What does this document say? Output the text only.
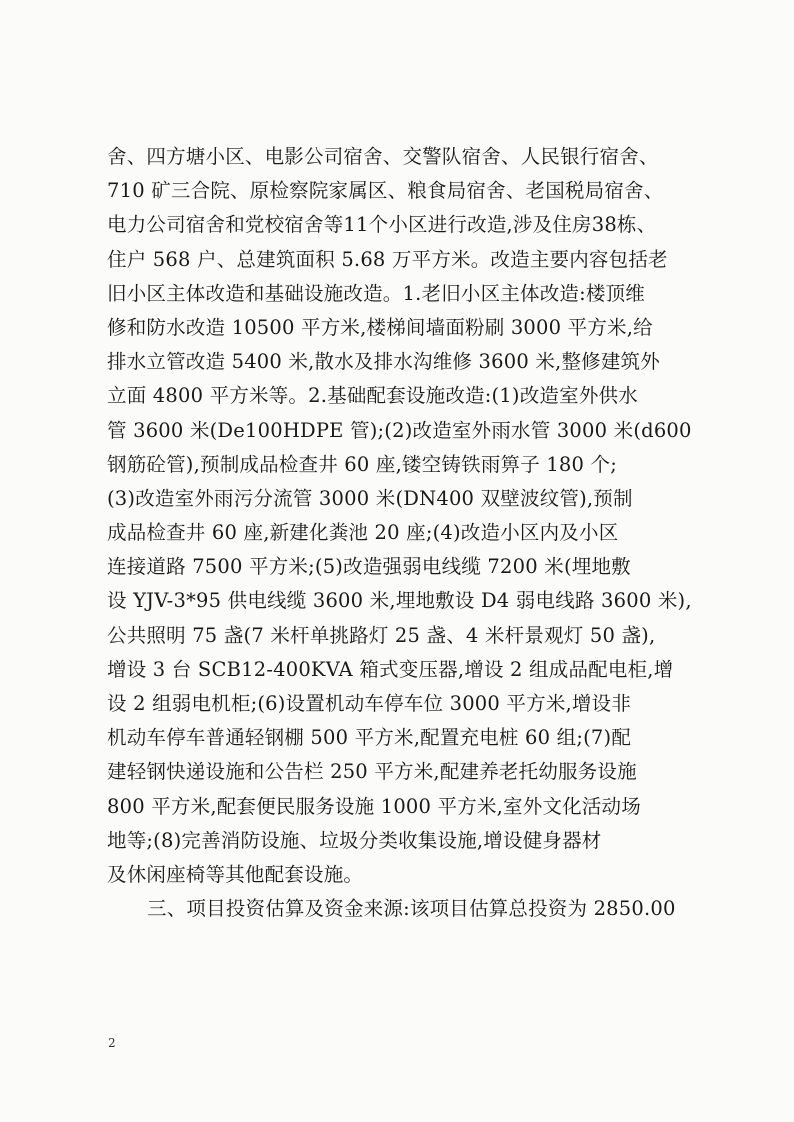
舍、四方塘小区、电影公司宿舍、交警队宿舍、人民银行宿舍、
710 矿三合院、原检察院家属区、粮食局宿舍、老国税局宿舍、
电力公司宿舍和党校宿舍等11个小区进行改造,涉及住房38栋、
住户 568 户、总建筑面积 5.68 万平方米。改造主要内容包括老
旧小区主体改造和基础设施改造。1.老旧小区主体改造:楼顶维
修和防水改造 10500 平方米,楼梯间墙面粉刷 3000 平方米,给
排水立管改造 5400 米,散水及排水沟维修 3600 米,整修建筑外
立面 4800 平方米等。2.基础配套设施改造:(1)改造室外供水
管 3600 米(De100HDPE 管);(2)改造室外雨水管 3000 米(d600
钢筋砼管),预制成品检查井 60 座,镂空铸铁雨箅子 180 个;
(3)改造室外雨污分流管 3000 米(DN400 双壁波纹管),预制
成品检查井 60 座,新建化粪池 20 座;(4)改造小区内及小区
连接道路 7500 平方米;(5)改造强弱电线缆 7200 米(埋地敷
设 YJV-3*95 供电线缆 3600 米,埋地敷设 D4 弱电线路 3600 米),
公共照明 75 盏(7 米杆单挑路灯 25 盏、4 米杆景观灯 50 盏),
增设 3 台 SCB12-400KVA 箱式变压器,增设 2 组成品配电柜,增
设 2 组弱电机柜;(6)设置机动车停车位 3000 平方米,增设非
机动车停车普通轻钢棚 500 平方米,配置充电桩 60 组;(7)配
建轻钢快递设施和公告栏 250 平方米,配建养老托幼服务设施
800 平方米,配套便民服务设施 1000 平方米,室外文化活动场
地等;(8)完善消防设施、垃圾分类收集设施,增设健身器材
及休闲座椅等其他配套设施。
三、项目投资估算及资金来源:该项目估算总投资为 2850.00
2
